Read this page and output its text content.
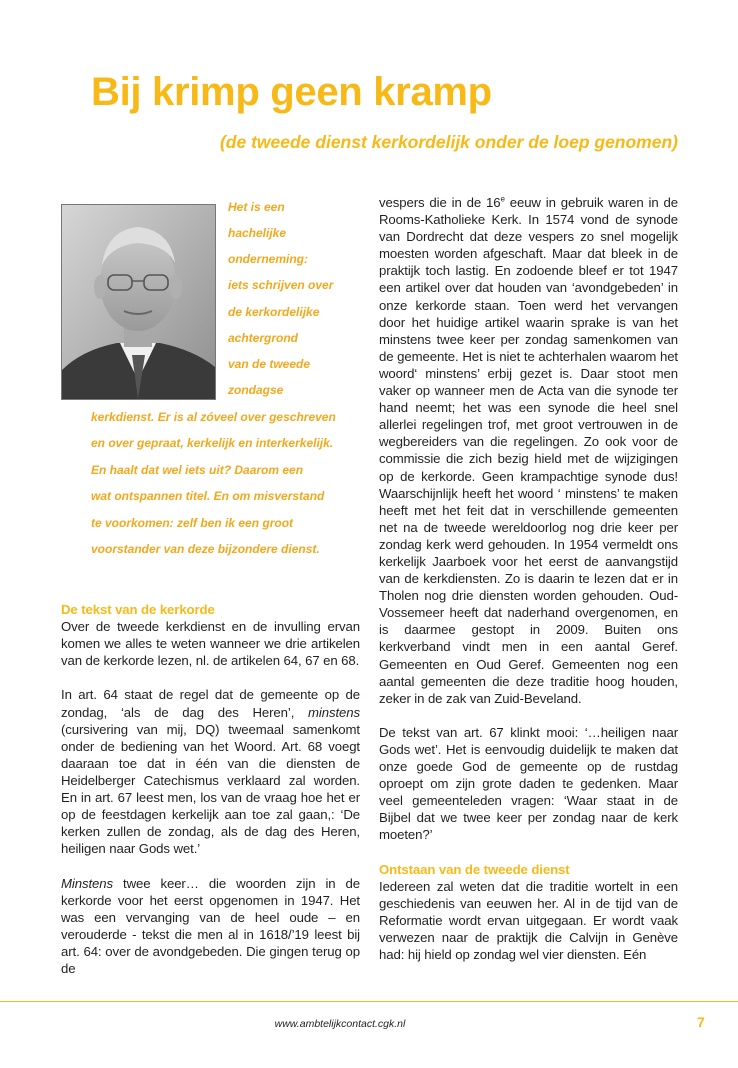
Bij krimp geen kramp
(de tweede dienst kerkordelijk onder de loep genomen)
Het is een
hachelijke
onderneming:
iets schrijven over
de kerkordelijke
achtergrond
van de tweede
zondagse
kerkdienst. Er is al zóveel over geschreven
en over gepraat, kerkelijk en interkerkelijk.
En haalt dat wel iets uit? Daarom een
wat ontspannen titel. En om misverstand
te voorkomen: zelf ben ik een groot
voorstander van deze bijzondere dienst.
De tekst van de kerkorde

Over de tweede kerkdienst en de invulling ervan komen we alles te weten wanneer we drie artikelen van de kerkorde lezen, nl. de artikelen 64, 67 en 68.

In art. 64 staat de regel dat de gemeente op de zondag, ‘als de dag des Heren’, minstens (cursivering van mij, DQ) tweemaal samenkomt onder de bediening van het Woord. Art. 68 voegt daaraan toe dat in één van die diensten de Heidelberger Catechismus verklaard zal worden. En in art. 67 leest men, los van de vraag hoe het er op de feestdagen kerkelijk aan toe zal gaan,: ‘De kerken zullen de zondag, als de dag des Heren, heiligen naar Gods wet.’

Minstens twee keer… die woorden zijn in de kerkorde voor het eerst opgenomen in 1947. Het was een vervanging van de heel oude – en verouderde - tekst die men al in 1618/’19 leest bij art. 64: over de avondgebeden. Die gingen terug op de

vespers die in de 16e eeuw in gebruik waren in de Rooms-Katholieke Kerk. In 1574 vond de synode van Dordrecht dat deze vespers zo snel mogelijk moesten worden afgeschaft. Maar dat bleek in de praktijk toch lastig. En zodoende bleef er tot 1947 een artikel over dat houden van ‘avondgebeden’ in onze kerkorde staan. Toen werd het vervangen door het huidige artikel waarin sprake is van het minstens twee keer per zondag samenkomen van de gemeente. Het is niet te achterhalen waarom het woord‘ minstens’ erbij gezet is. Daar stoot men vaker op wanneer men de Acta van die synode ter hand neemt; het was een synode die heel snel allerlei regelingen trof, met groot vertrouwen in de wegbereiders van die regelingen. Zo ook voor de commissie die zich bezig hield met de wijzigingen op de kerkorde. Geen krampachtige synode dus! Waarschijnlijk heeft het woord ‘ minstens’ te maken heeft met het feit dat in verschillende gemeenten net na de tweede wereldoorlog nog drie keer per zondag kerk werd gehouden. In 1954 vermeldt ons kerkelijk Jaarboek voor het eerst de aanvangstijd van de kerkdiensten. Zo is daarin te lezen dat er in Tholen nog drie diensten worden gehouden. Oud-Vossemeer heeft dat naderhand overgenomen, en is daarmee gestopt in 2009. Buiten ons kerkverband vindt men in een aantal Geref. Gemeenten en Oud Geref. Gemeenten nog een aantal gemeenten die deze traditie hoog houden, zeker in de zak van Zuid-Beveland.

De tekst van art. 67 klinkt mooi: ‘…heiligen naar Gods wet’. Het is eenvoudig duidelijk te maken dat onze goede God de gemeente op de rustdag oproept om zijn grote daden te gedenken. Maar veel gemeenteleden vragen: ‘Waar staat in de Bijbel dat we twee keer per zondag naar de kerk moeten?’

Ontstaan van de tweede dienst

Iedereen zal weten dat die traditie wortelt in een geschiedenis van eeuwen her. Al in de tijd van de Reformatie wordt ervan uitgegaan. Er wordt vaak verwezen naar de praktijk die Calvijn in Genève had: hij hield op zondag wel vier diensten. Eén

www.ambtelijkcontact.cgk.nl	7
